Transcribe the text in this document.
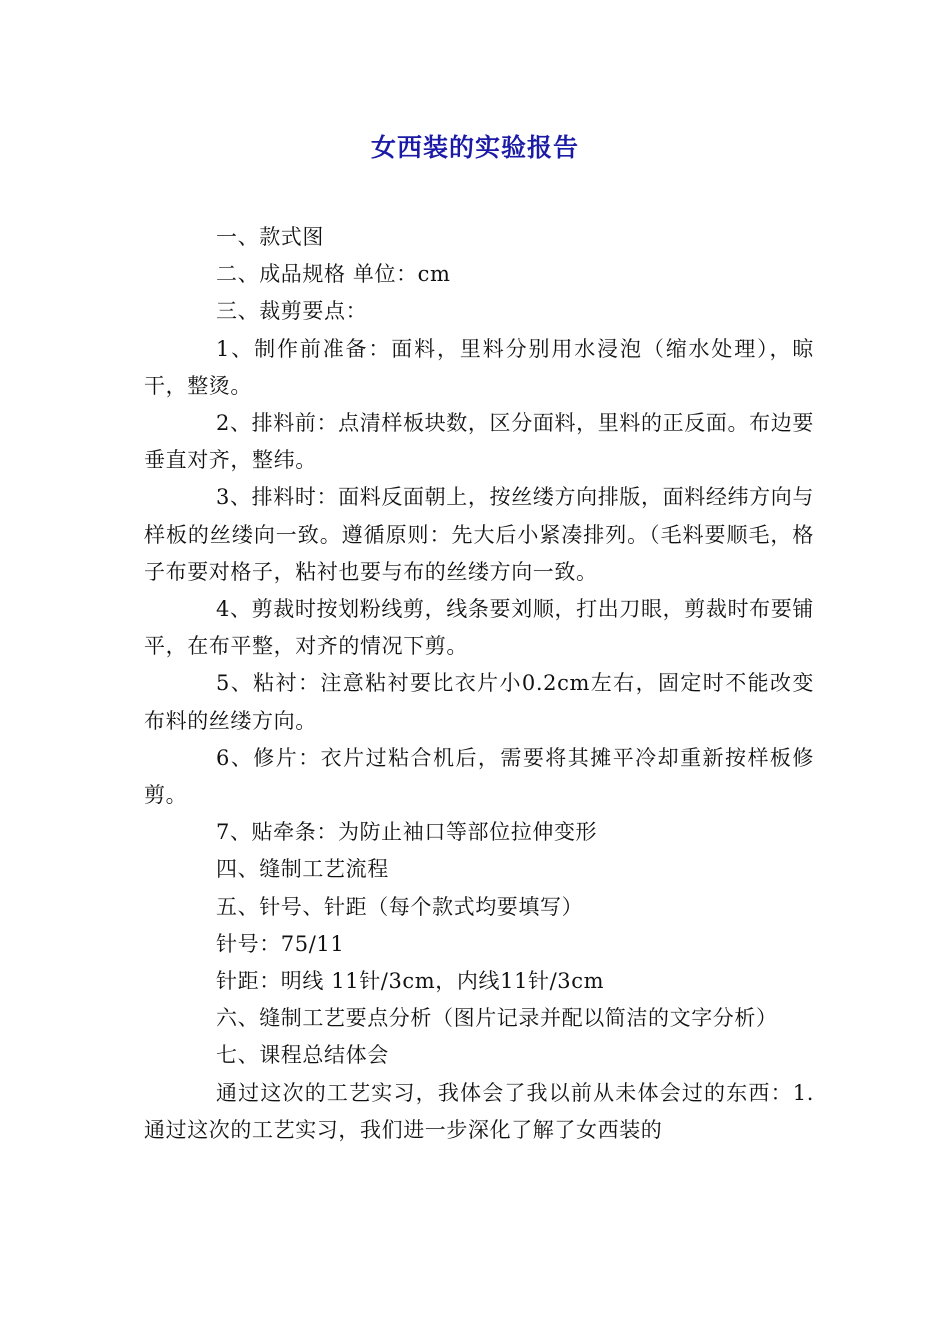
女西装的实验报告

一、款式图

二、成品规格 单位：cm

三、裁剪要点：

1、制作前准备：面料，里料分别用水浸泡（缩水处理），晾干，整烫。

2、排料前：点清样板块数，区分面料，里料的正反面。布边要垂直对齐，整纬。

3、排料时：面料反面朝上，按丝缕方向排版，面料经纬方向与样板的丝缕向一致。遵循原则：先大后小紧凑排列。（毛料要顺毛，格子布要对格子，粘衬也要与布的丝缕方向一致。

4、剪裁时按划粉线剪，线条要刘顺，打出刀眼，剪裁时布要铺平，在布平整，对齐的情况下剪。

5、粘衬：注意粘衬要比衣片小0.2cm左右，固定时不能改变布料的丝缕方向。

6、修片：衣片过粘合机后，需要将其摊平冷却重新按样板修剪。

7、贴牵条：为防止袖口等部位拉伸变形

四、缝制工艺流程

五、针号、针距（每个款式均要填写）

针号：75/11

针距：明线 11针/3cm，内线11针/3cm

六、缝制工艺要点分析（图片记录并配以简洁的文字分析）

七、课程总结体会

通过这次的工艺实习，我体会了我以前从未体会过的东西：1.通过这次的工艺实习，我们进一步深化了解了女西装的
